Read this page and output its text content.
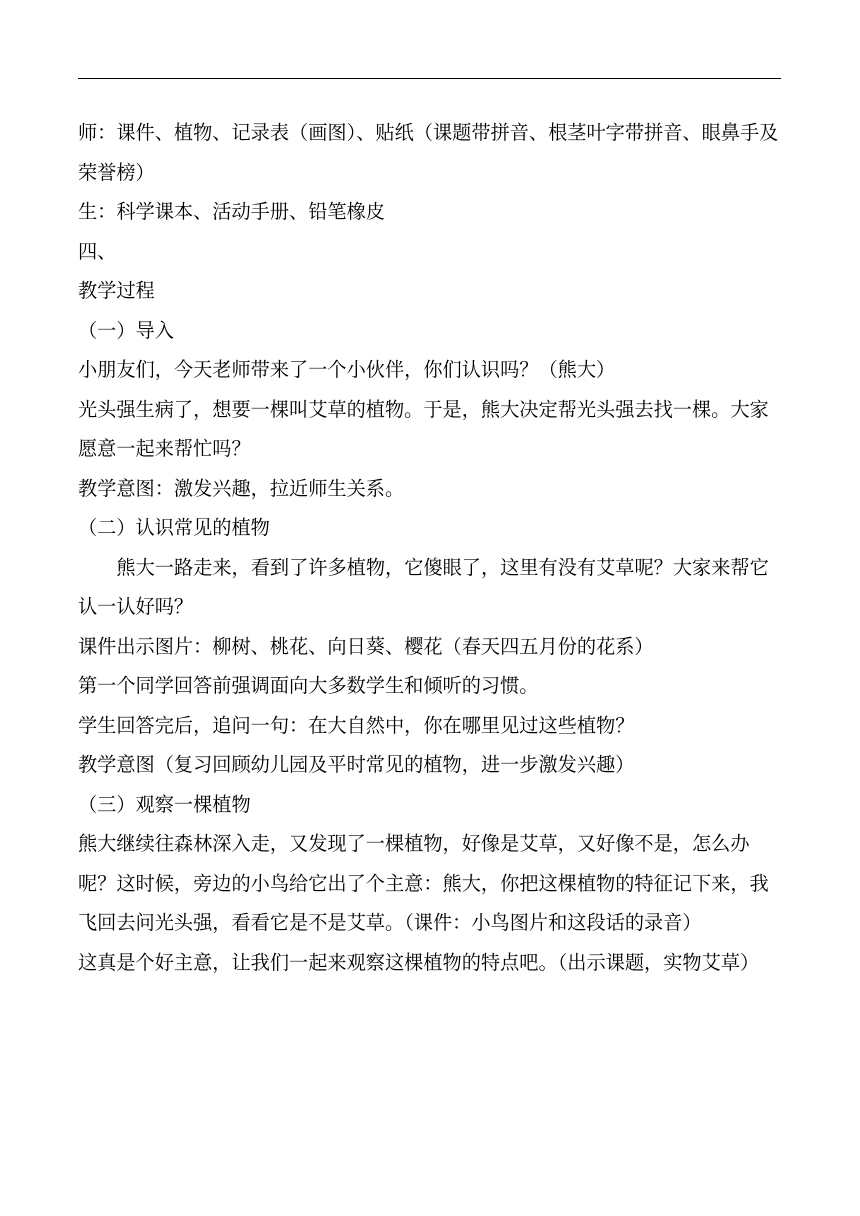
师：课件、植物、记录表（画图）、贴纸（课题带拼音、根茎叶字带拼音、眼鼻手及荣誉榜）

生：科学课本、活动手册、铅笔橡皮

四、

教学过程

（一）导入

小朋友们，今天老师带来了一个小伙伴，你们认识吗？（熊大）

光头强生病了，想要一棵叫艾草的植物。于是，熊大决定帮光头强去找一棵。大家愿意一起来帮忙吗？

教学意图：激发兴趣，拉近师生关系。

（二）认识常见的植物

熊大一路走来，看到了许多植物，它傻眼了，这里有没有艾草呢？大家来帮它认一认好吗？

课件出示图片：柳树、桃花、向日葵、樱花（春天四五月份的花系）

第一个同学回答前强调面向大多数学生和倾听的习惯。

学生回答完后，追问一句：在大自然中，你在哪里见过这些植物？

教学意图（复习回顾幼儿园及平时常见的植物，进一步激发兴趣）

（三）观察一棵植物

熊大继续往森林深入走，又发现了一棵植物，好像是艾草，又好像不是，怎么办呢？这时候，旁边的小鸟给它出了个主意：熊大，你把这棵植物的特征记下来，我飞回去问光头强，看看它是不是艾草。（课件：小鸟图片和这段话的录音）

这真是个好主意，让我们一起来观察这棵植物的特点吧。（出示课题，实物艾草）
